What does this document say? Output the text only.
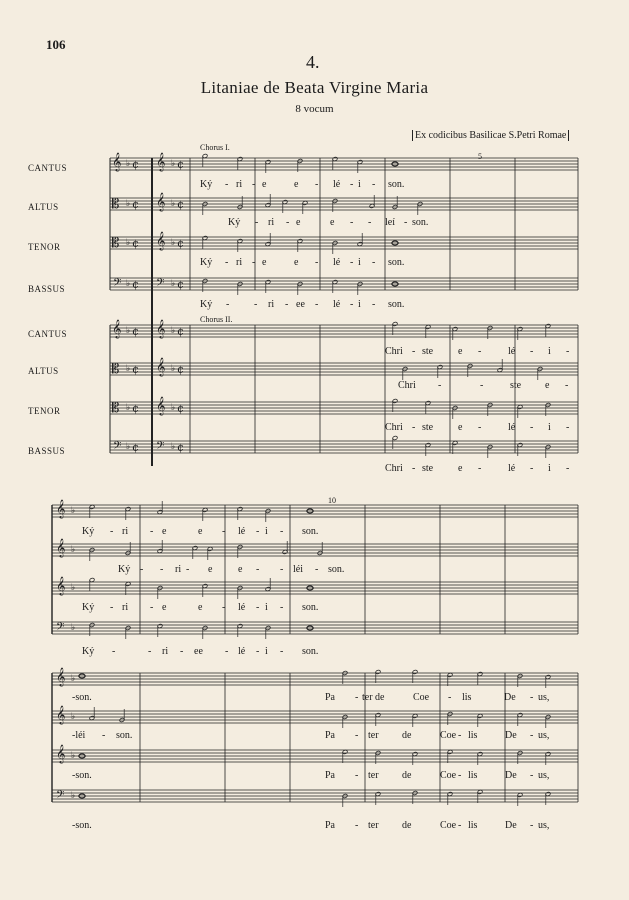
106
4.
Litaniae de Beata Virgine Maria
8 vocum
Ex codicibus Basilicae S.Petri Romae
CANTUS
ALTUS
TENOR
BASSUS
CANTUS
ALTUS
TENOR
BASSUS
Chorus I.
Chorus II.
5
10
𝄞 ♭ ¢ 𝄞 ♭ ¢
𝄡 ♭ ¢ 𝄞 ♭ ¢
𝄡 ♭ ¢ 𝄞 ♭ ¢
𝄢 ♭ ¢ 𝄢 ♭ ¢
𝄞 ♭ ¢ 𝄞 ♭ ¢
𝄡 ♭ ¢ 𝄞 ♭ ¢
𝄡 ♭ ¢ 𝄞 ♭ ¢
𝄢 ♭ ¢ 𝄢 ♭ ¢
𝄞 ♭
𝄞 ♭
𝄞 ♭
𝄢 ♭
𝄞 ♭
𝄞 ♭
𝄞 ♭
𝄢 ♭
Ký - ri - e	e - lé - i - son.
Ký - ri - e	e - - leí - son.
Ký - ri - e	e - lé - i - son.
Ký - - ri - ee - lé - i - son.
Chri - ste e -	lé - i -
Chri -	-	ste e -
Chri - ste e -	lé - i -
Chri - ste e -	lé - i -
Ký - ri - e	e - lé - i - son.
Ký - - ri - e	e - - léi - son.
Ký - ri - e	e - lé - i - son.
Ký -	- ri - ee - lé - i - son.
-son.	Pa - ter de	Coe - lis	De - us,
-léi - son.	Pa - ter de	Coe - lis	De - us,
-son.	Pa - ter de	Coe - lis	De - us,
-son.	Pa - ter de	Coe - lis	De - us,
